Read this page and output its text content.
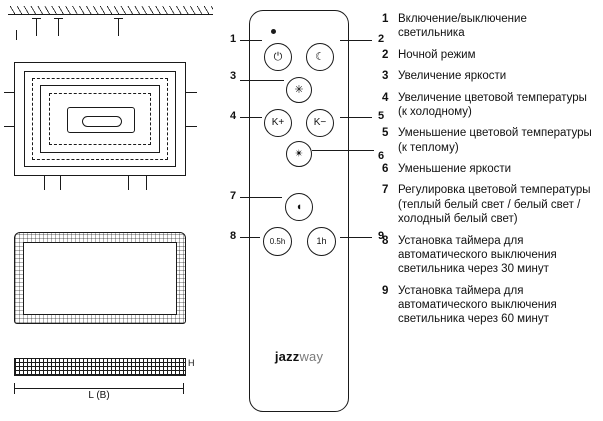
H
L (B)
⏻	☾
✳
K+	K−
✴
◖
0.5h	1h
jazzway
1	2
3
4	5
6
7
8	9
1 Включение/выключение светильника
2 Ночной режим
3 Увеличение яркости
4 Увеличение цветовой температуры (к холодному)
5 Уменьшение цветовой температуры (к теплому)
6 Уменьшение яркости
7 Регулировка цветовой температуры (теплый белый свет / белый свет / холодный белый свет)
8 Установка таймера для автоматического выключения светильника через 30 минут
9 Установка таймера для автоматического выключения светильника через 60 минут
